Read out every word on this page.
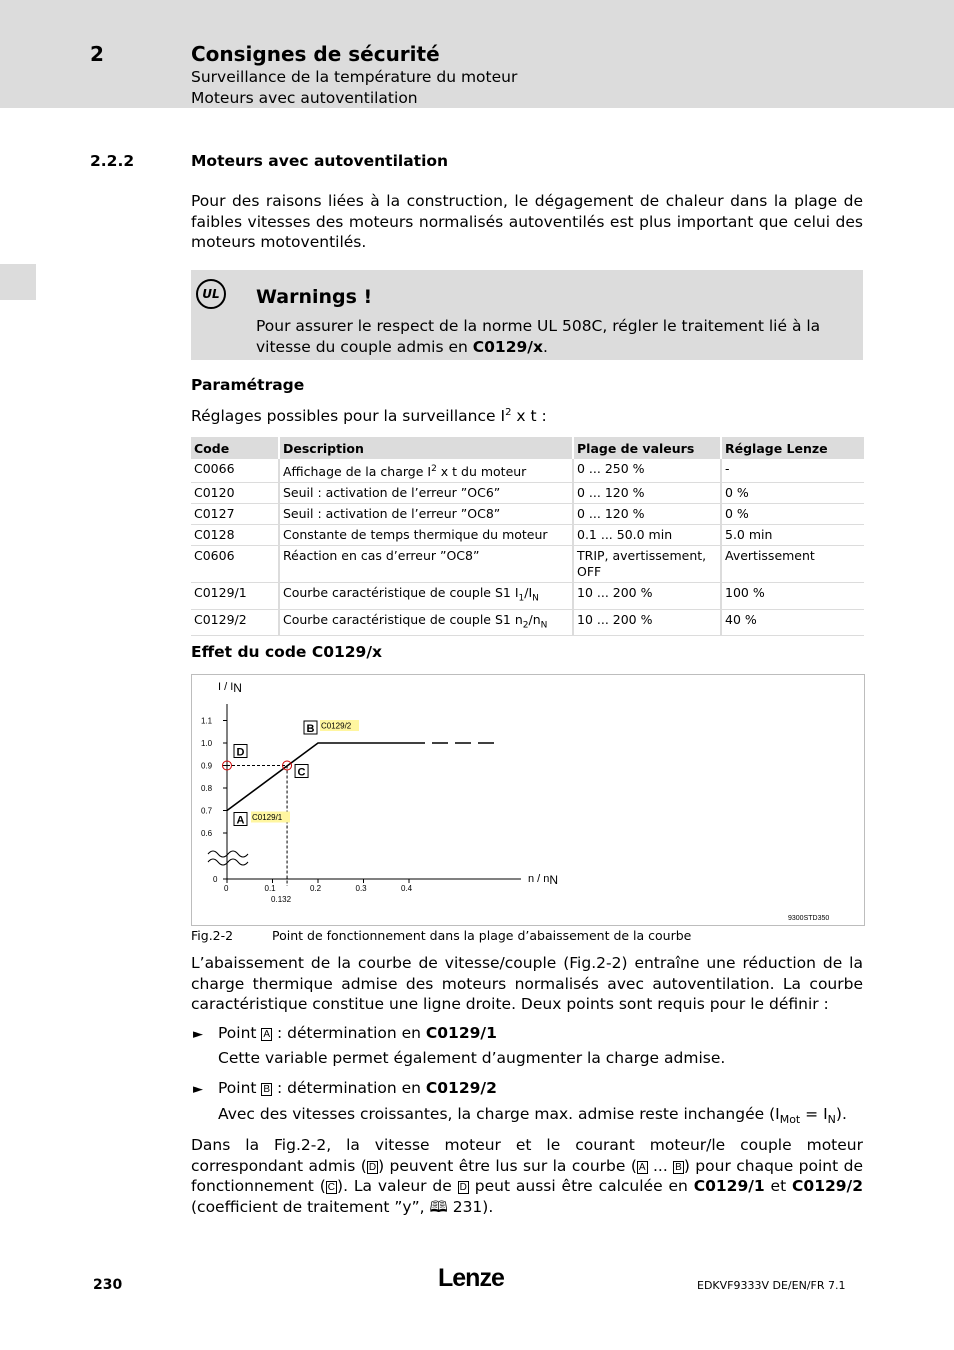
2	Consignes de sécurité
Surveillance de la température du moteur
Moteurs avec autoventilation
2.2.2	Moteurs avec autoventilation
Pour des raisons liées à la construction, le dégagement de chaleur dans la plage de faibles vitesses des moteurs normalisés autoventilés est plus important que celui des moteurs motoventilés.
UL	Warnings !
Pour assurer le respect de la norme UL 508C, régler le traitement lié à la vitesse du couple admis en C0129/x.
Paramétrage
Réglages possibles pour la surveillance $I^2$ x t :
Code	Description	Plage de valeurs	Réglage Lenze
C0066	Affichage de la charge $I^2$ x t du moteur	0 ... 250 %	-
C0120	Seuil : activation de l’erreur ”OC6”	0 ... 120 %	0 %
C0127	Seuil : activation de l’erreur ”OC8”	0 ... 120 %	0 %
C0128	Constante de temps thermique du moteur	0.1 ... 50.0 min	5.0 min
C0606	Réaction en cas d’erreur ”OC8”	TRIP, avertissement, OFF	Avertissement
C0129/1	Courbe caractéristique de couple S1 $I_1/I_N$	10 ... 200 %	100 %
C0129/2	Courbe caractéristique de couple S1 $n_2/n_N$	10 ... 200 %	40 %
Effet du code C0129/x
I / IN
n / nN
9300STD350
0
0.6
0.7
0.8
0.9
1.0
1.1
0	0.1	0.2	0.3	0.4
0.132
A
B
C
D
C0129/1
C0129/2
Fig.2-2	Point de fonctionnement dans la plage d’abaissement de la courbe
L’abaissement de la courbe de vitesse/couple (Fig.2-2) entraîne une réduction de la charge thermique admise des moteurs normalisés avec autoventilation. La courbe caractéristique constitue une ligne droite. Deux points sont requis pour le définir :
► Point A : détermination en C0129/1
Cette variable permet également d’augmenter la charge admise.
► Point B : détermination en C0129/2
Avec des vitesses croissantes, la charge max. admise reste inchangée $(I_{Mot} = I_N)$.
Dans la Fig.2-2, la vitesse moteur et le courant moteur/le couple moteur correspondant admis ( D ) peuvent être lus sur la courbe ( A ... B ) pour chaque point de fonctionnement ( C ). La valeur de D peut aussi être calculée en C0129/1 et C0129/2 (coefficient de traitement ”y”, 🕮 231).
230	Lenze	EDKVF9333V DE/EN/FR 7.1
